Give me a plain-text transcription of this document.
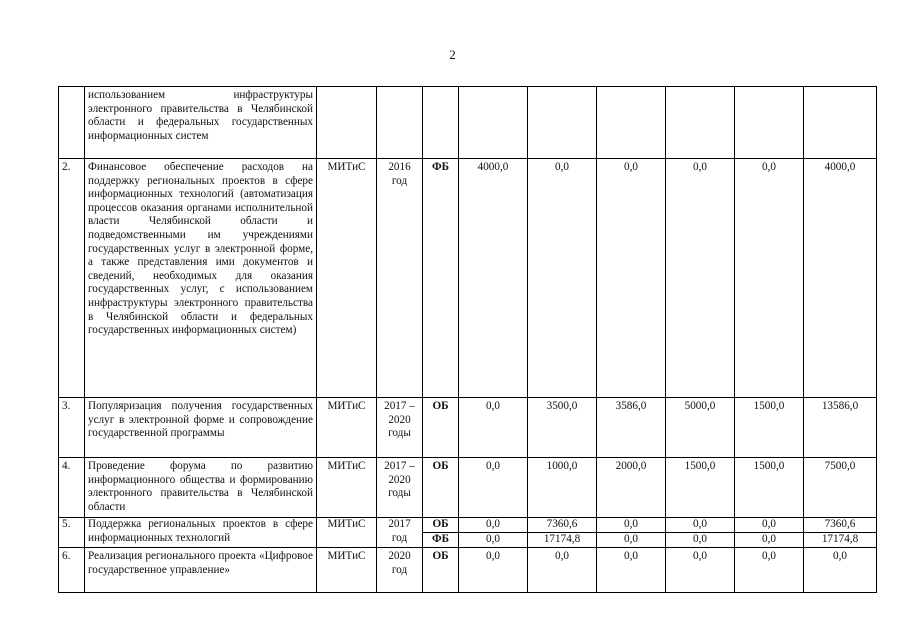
2
	использованием инфраструктуры электронного правительства в Челябинской области и федеральных государственных информационных систем									
2.	Финансовое обеспечение расходов на поддержку региональных проектов в сфере информационных технологий (автоматизация процессов оказания органами исполнительной власти Челябинской области и подведомственными им учреждениями государственных услуг в электронной форме, а также представления ими документов и сведений, необходимых для оказания государственных услуг, с использованием инфраструктуры электронного правительства в Челябинской области и федеральных государственных информационных систем)	МИТиС	2016 год	ФБ	4000,0	0,0	0,0	0,0	0,0	4000,0
3.	Популяризация получения государственных услуг в электронной форме и сопровождение государственной программы	МИТиС	2017 – 2020 годы	ОБ	0,0	3500,0	3586,0	5000,0	1500,0	13586,0
4.	Проведение форума по развитию информационного общества и формированию электронного правительства в Челябинской области	МИТиС	2017 – 2020 годы	ОБ	0,0	1000,0	2000,0	1500,0	1500,0	7500,0
5.	Поддержка региональных проектов в сфере информационных технологий	МИТиС	2017 год	ОБ	0,0	7360,6	0,0	0,0	0,0	7360,6
				ФБ	0,0	17174,8	0,0	0,0	0,0	17174,8
6.	Реализация регионального проекта «Цифровое государственное управление»	МИТиС	2020 год	ОБ	0,0	0,0	0,0	0,0	0,0	0,0
